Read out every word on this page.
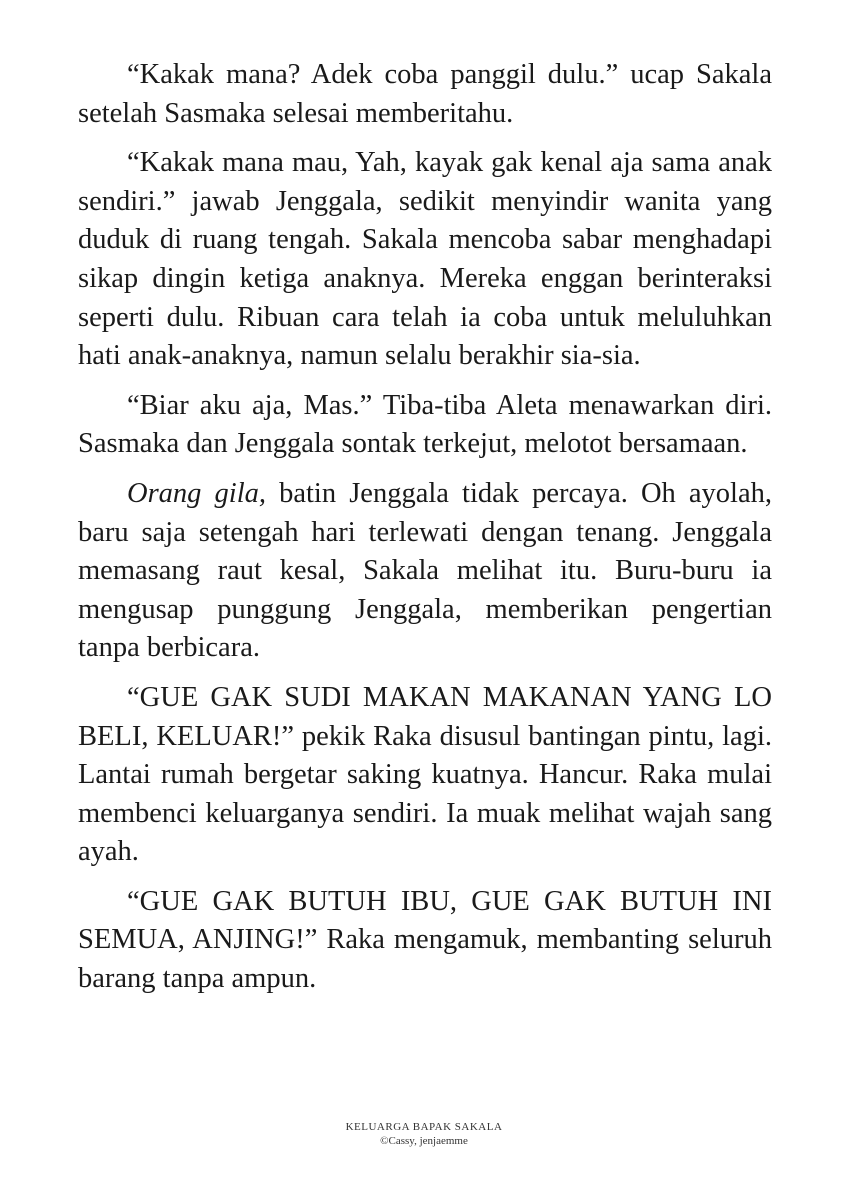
“Kakak mana? Adek coba panggil dulu.” ucap Sakala setelah Sasmaka selesai memberitahu.

“Kakak mana mau, Yah, kayak gak kenal aja sama anak sendiri.” jawab Jenggala, sedikit menyindir wanita yang duduk di ruang tengah. Sakala mencoba sabar menghadapi sikap dingin ketiga anaknya. Mereka enggan berinteraksi seperti dulu. Ribuan cara telah ia coba untuk meluluhkan hati anak-anaknya, namun selalu berakhir sia-sia.

“Biar aku aja, Mas.” Tiba-tiba Aleta menawarkan diri. Sasmaka dan Jenggala sontak terkejut, melotot bersamaan.

Orang gila, batin Jenggala tidak percaya. Oh ayolah, baru saja setengah hari terlewati dengan tenang. Jenggala memasang raut kesal, Sakala melihat itu. Buru-buru ia mengusap punggung Jenggala, memberikan pengertian tanpa berbicara.

“GUE GAK SUDI MAKAN MAKANAN YANG LO BELI, KELUAR!” pekik Raka disusul bantingan pintu, lagi. Lantai rumah bergetar saking kuatnya. Hancur. Raka mulai membenci keluarganya sendiri. Ia muak melihat wajah sang ayah.

“GUE GAK BUTUH IBU, GUE GAK BUTUH INI SEMUA, ANJING!” Raka mengamuk, membanting seluruh barang tanpa ampun.

KELUARGA BAPAK SAKALA
©Cassy, jenjaemme
